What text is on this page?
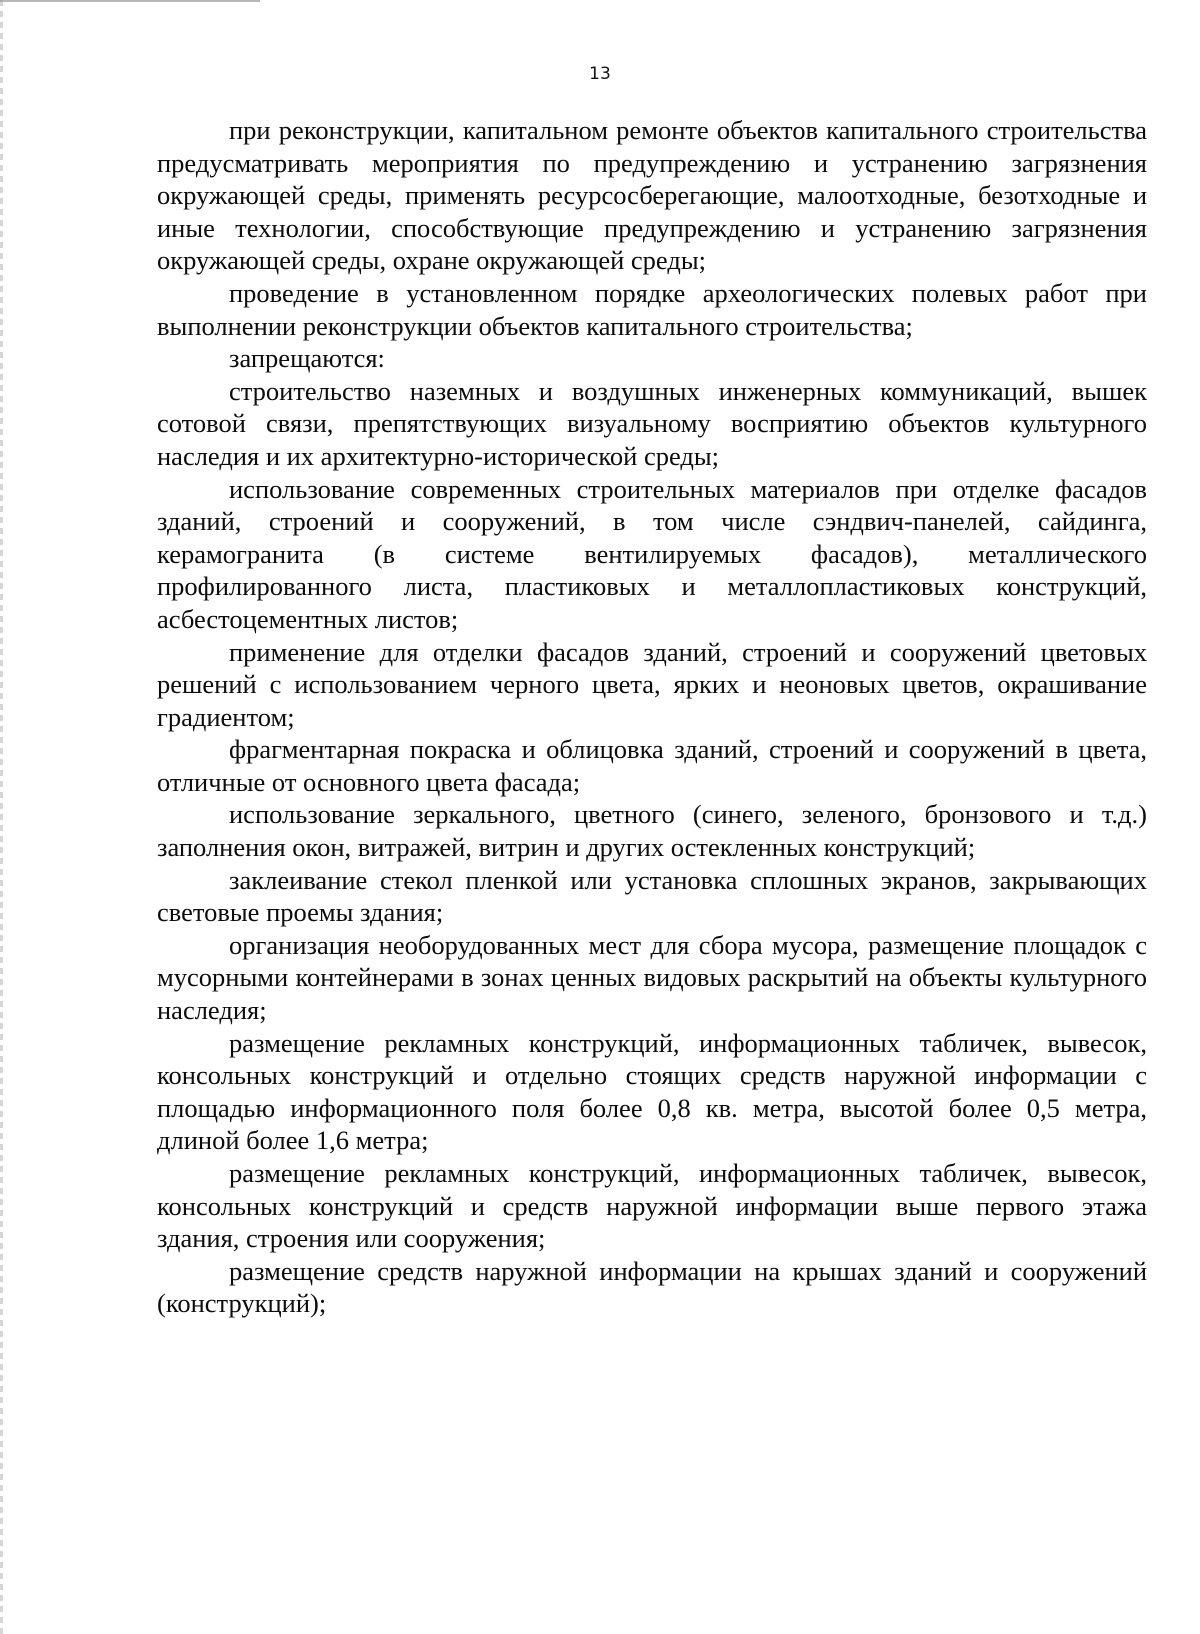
13

при реконструкции, капитальном ремонте объектов капитального строительства предусматривать мероприятия по предупреждению и устранению загрязнения окружающей среды, применять ресурсосберегающие, малоотходные, безотходные и иные технологии, способствующие предупреждению и устранению загрязнения окружающей среды, охране окружающей среды;

проведение в установленном порядке археологических полевых работ при выполнении реконструкции объектов капитального строительства;

запрещаются:

строительство наземных и воздушных инженерных коммуникаций, вышек сотовой связи, препятствующих визуальному восприятию объектов культурного наследия и их архитектурно-исторической среды;

использование современных строительных материалов при отделке фасадов зданий, строений и сооружений, в том числе сэндвич-панелей, сайдинга, керамогранита (в системе вентилируемых фасадов), металлического профилированного листа, пластиковых и металлопластиковых конструкций, асбестоцементных листов;

применение для отделки фасадов зданий, строений и сооружений цветовых решений с использованием черного цвета, ярких и неоновых цветов, окрашивание градиентом;

фрагментарная покраска и облицовка зданий, строений и сооружений в цвета, отличные от основного цвета фасада;

использование зеркального, цветного (синего, зеленого, бронзового и т.д.) заполнения окон, витражей, витрин и других остекленных конструкций;

заклеивание стекол пленкой или установка сплошных экранов, закрывающих световые проемы здания;

организация необорудованных мест для сбора мусора, размещение площадок с мусорными контейнерами в зонах ценных видовых раскрытий на объекты культурного наследия;

размещение рекламных конструкций, информационных табличек, вывесок, консольных конструкций и отдельно стоящих средств наружной информации с площадью информационного поля более 0,8 кв. метра, высотой более 0,5 метра, длиной более 1,6 метра;

размещение рекламных конструкций, информационных табличек, вывесок, консольных конструкций и средств наружной информации выше первого этажа здания, строения или сооружения;

размещение средств наружной информации на крышах зданий и сооружений (конструкций);
